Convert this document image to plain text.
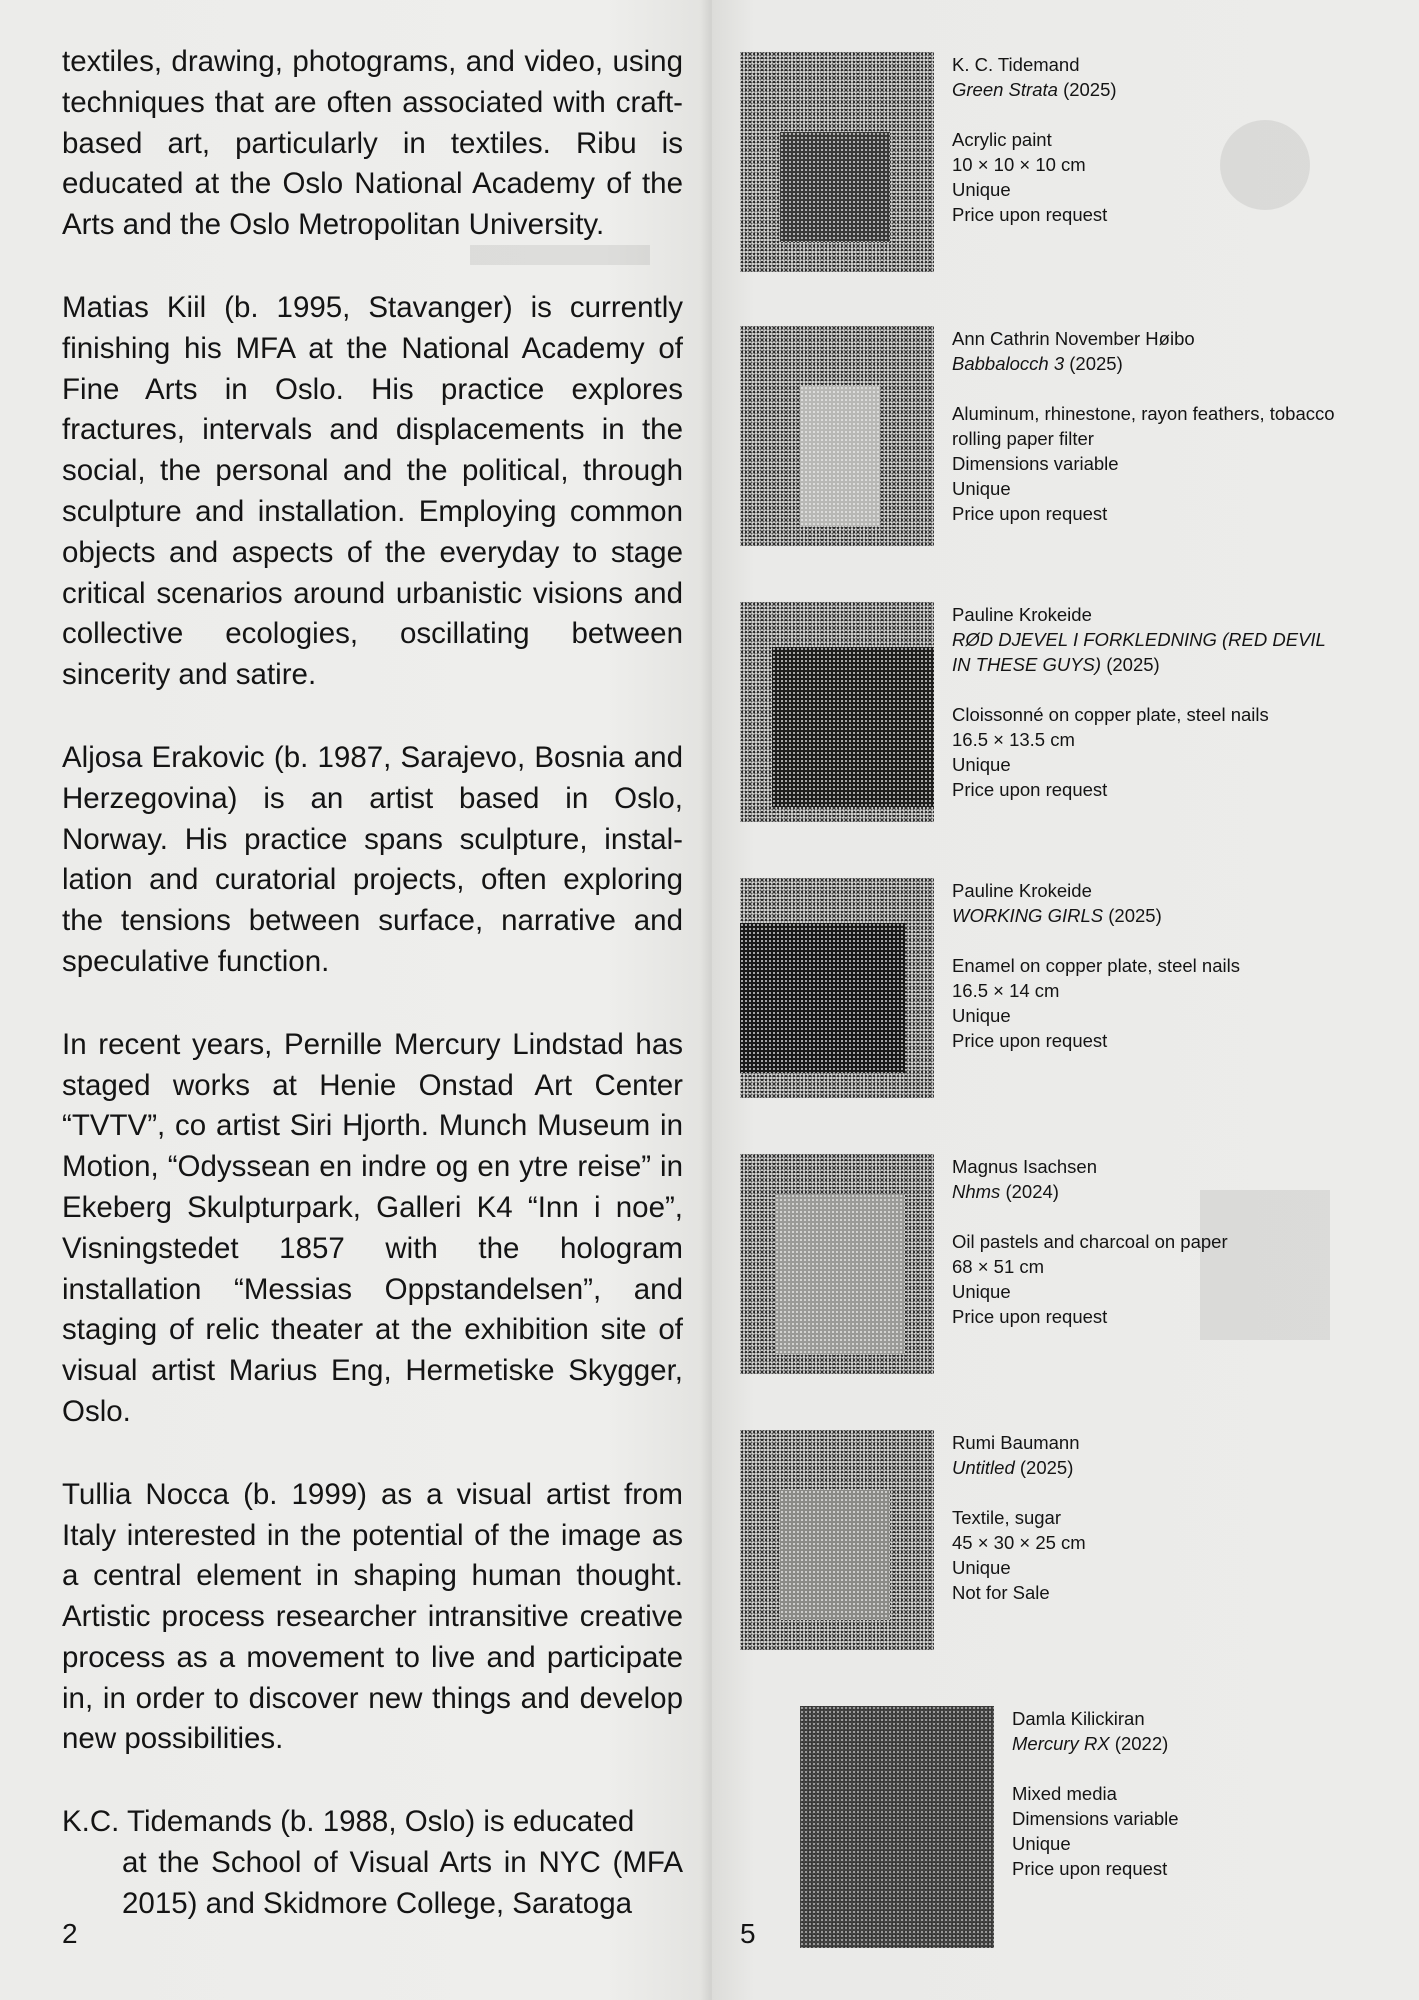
textiles, drawing, photograms, and video, using techniques that are often associated with craft-based art, particularly in textiles. Ribu is educated at the Oslo National Academy of the Arts and the Oslo Metropolitan University.

Matias Kiil (b. 1995, Stavanger) is currently finishing his MFA at the National Academy of Fine Arts in Oslo. His practice explores fractures, intervals and displacements in the social, the personal and the political, through sculpture and installation. Employing common objects and aspects of the everyday to stage critical scenarios around urbanistic visions and collective ecologies, oscillating between sincerity and satire.

Aljosa Erakovic (b. 1987, Sarajevo, Bosnia and Herzegovina) is an artist based in Oslo, Norway. His practice spans sculpture, installation and curatorial projects, often exploring the tensions between surface, narrative and speculative function.

In recent years, Pernille Mercury Lindstad has staged works at Henie Onstad Art Center “TVTV”, co artist Siri Hjorth. Munch Museum in Motion, “Odyssean en indre og en ytre reise” in Ekeberg Skulpturpark, Galleri K4 “Inn i noe”, Visningstedet 1857 with the hologram installation “Messias Oppstandelsen”, and staging of relic theater at the exhibition site of visual artist Marius Eng, Hermetiske Skygger, Oslo.

Tullia Nocca (b. 1999) as a visual artist from Italy interested in the potential of the image as a central element in shaping human thought. Artistic process researcher intransitive creative process as a movement to live and participate in, in order to discover new things and develop new possibilities.

K.C. Tidemands (b. 1988, Oslo) is educated
at the School of Visual Arts in NYC (MFA 2015) and Skidmore College, Saratoga

2
K. C. Tidemand
Green Strata (2025)
Acrylic paint
10 × 10 × 10 cm
Unique
Price upon request
Ann Cathrin November Høibo
Babbalocch 3 (2025)
Aluminum, rhinestone, rayon feathers, tobacco rolling paper filter
Dimensions variable
Unique
Price upon request
Pauline Krokeide
RØD DJEVEL I FORKLEDNING (RED DEVIL IN THESE GUYS) (2025)
Cloissonné on copper plate, steel nails
16.5 × 13.5 cm
Unique
Price upon request
Pauline Krokeide
WORKING GIRLS (2025)
Enamel on copper plate, steel nails
16.5 × 14 cm
Unique
Price upon request
Magnus Isachsen
Nhms (2024)
Oil pastels and charcoal on paper
68 × 51 cm
Unique
Price upon request
Rumi Baumann
Untitled (2025)
Textile, sugar
45 × 30 × 25 cm
Unique
Not for Sale
Damla Kilickiran
Mercury RX (2022)
Mixed media
Dimensions variable
Unique
Price upon request
5
